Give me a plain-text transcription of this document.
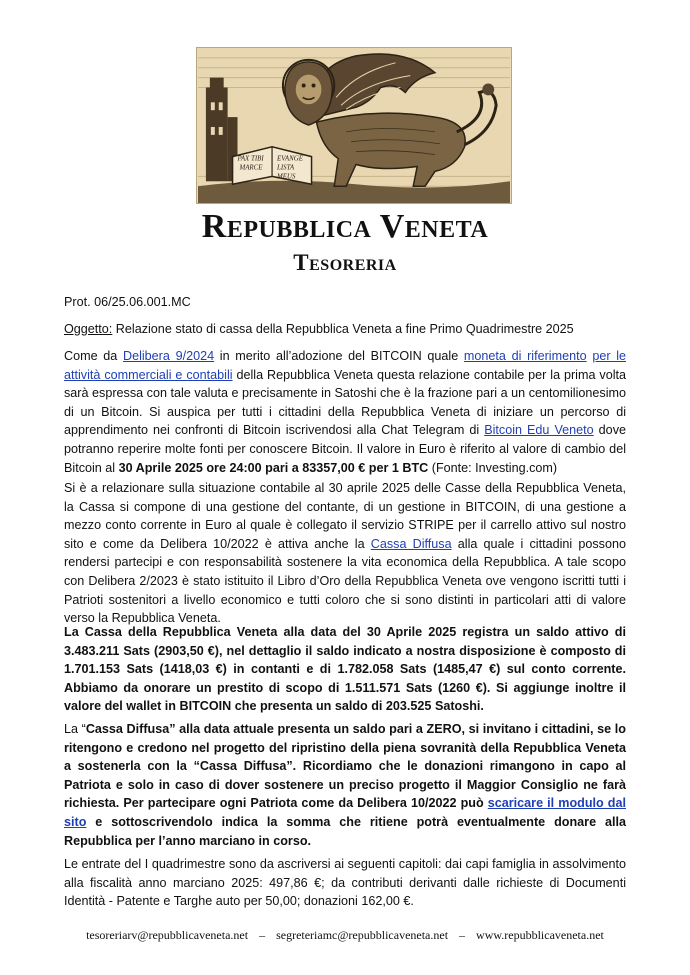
PAX TIBI
MARCE
EVANGE
LISTA
MEUS
Repubblica Veneta
Tesoreria

Prot. 06/25.06.001.MC

Oggetto: Relazione stato di cassa della Repubblica Veneta a fine Primo Quadrimestre 2025

Come da Delibera 9/2024 in merito all’adozione del BITCOIN quale moneta di riferimento per le attività commerciali e contabili della Repubblica Veneta questa relazione contabile per la prima volta sarà espressa con tale valuta e precisamente in Satoshi che è la frazione pari a un centomilionesimo di un Bitcoin. Si auspica per tutti i cittadini della Repubblica Veneta di iniziare un percorso di apprendimento nei confronti di Bitcoin iscrivendosi alla Chat Telegram di Bitcoin Edu Veneto dove potranno reperire molte fonti per conoscere Bitcoin. Il valore in Euro è riferito al valore di cambio del Bitcoin al 30 Aprile 2025 ore 24:00 pari a 83357,00 € per 1 BTC (Fonte: Investing.com)

Si è a relazionare sulla situazione contabile al 30 aprile 2025 delle Casse della Repubblica Veneta, la Cassa si compone di una gestione del contante, di un gestione in BITCOIN, di una gestione a mezzo conto corrente in Euro al quale è collegato il servizio STRIPE per il carrello attivo sul nostro sito e come da Delibera 10/2022 è attiva anche la Cassa Diffusa alla quale i cittadini possono rendersi partecipi e con responsabilità sostenere la vita economica della Repubblica. A tale scopo con Delibera 2/2023 è stato istituito il Libro d’Oro della Repubblica Veneta ove vengono iscritti tutti i Patrioti sostenitori a livello economico e tutti coloro che si sono distinti in particolari atti di valore verso la Repubblica Veneta.

La Cassa della Repubblica Veneta alla data del 30 Aprile 2025 registra un saldo attivo di 3.483.211 Sats (2903,50 €), nel dettaglio il saldo indicato a nostra disposizione è composto di 1.701.153 Sats (1418,03 €) in contanti e di 1.782.058 Sats (1485,47 €) sul conto corrente. Abbiamo da onorare un prestito di scopo di 1.511.571 Sats (1260 €). Si aggiunge inoltre il valore del wallet in BITCOIN che presenta un saldo di 203.525 Satoshi.

La “Cassa Diffusa” alla data attuale presenta un saldo pari a ZERO, si invitano i cittadini, se lo ritengono e credono nel progetto del ripristino della piena sovranità della Repubblica Veneta a sostenerla con la “Cassa Diffusa”. Ricordiamo che le donazioni rimangono in capo al Patriota e solo in caso di dover sostenere un preciso progetto il Maggior Consiglio ne farà richiesta. Per partecipare ogni Patriota come da Delibera 10/2022 può scaricare il modulo dal sito e sottoscrivendolo indica la somma che ritiene potrà eventualmente donare alla Repubblica per l’anno marciano in corso.

Le entrate del I quadrimestre sono da ascriversi ai seguenti capitoli: dai capi famiglia in assolvimento alla fiscalità anno marciano 2025: 497,86 €; da contributi derivanti dalle richieste di Documenti Identità - Patente e Targhe auto per 50,00; donazioni 162,00 €.

tesoreriarv@repubblicaveneta.net – segreteriamc@repubblicaveneta.net – www.repubblicaveneta.net
